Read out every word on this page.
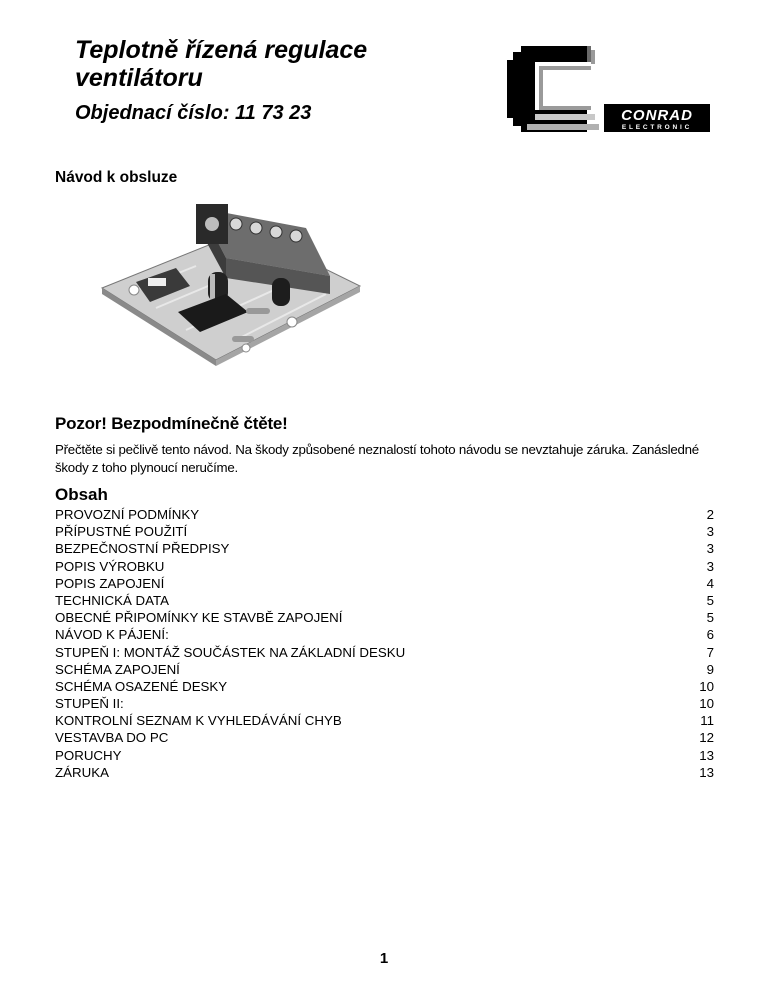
Teplotně řízená regulace ventilátoru
Objednací číslo: 11 73 23	CONRAD
ELECTRONIC
Návod k obsluze
Pozor! Bezpodmínečně čtěte!
Přečtěte si pečlivě tento návod. Na škody způsobené neznalostí tohoto návodu se nevztahuje záruka. Zanásledné škody z toho plynoucí neručíme.
Obsah
PROVOZNÍ PODMÍNKY	2
PŘÍPUSTNÉ POUŽITÍ	3
BEZPEČNOSTNÍ PŘEDPISY	3
POPIS VÝROBKU	3
POPIS ZAPOJENÍ	4
TECHNICKÁ DATA	5
OBECNÉ PŘIPOMÍNKY KE STAVBĚ ZAPOJENÍ	5
NÁVOD K PÁJENÍ:	6
STUPEŇ I: MONTÁŽ SOUČÁSTEK NA ZÁKLADNÍ DESKU	7
SCHÉMA ZAPOJENÍ	9
SCHÉMA OSAZENÉ DESKY	10
STUPEŇ II:	10
KONTROLNÍ SEZNAM K VYHLEDÁVÁNÍ CHYB	11
VESTAVBA DO PC	12
PORUCHY	13
ZÁRUKA	13
1
